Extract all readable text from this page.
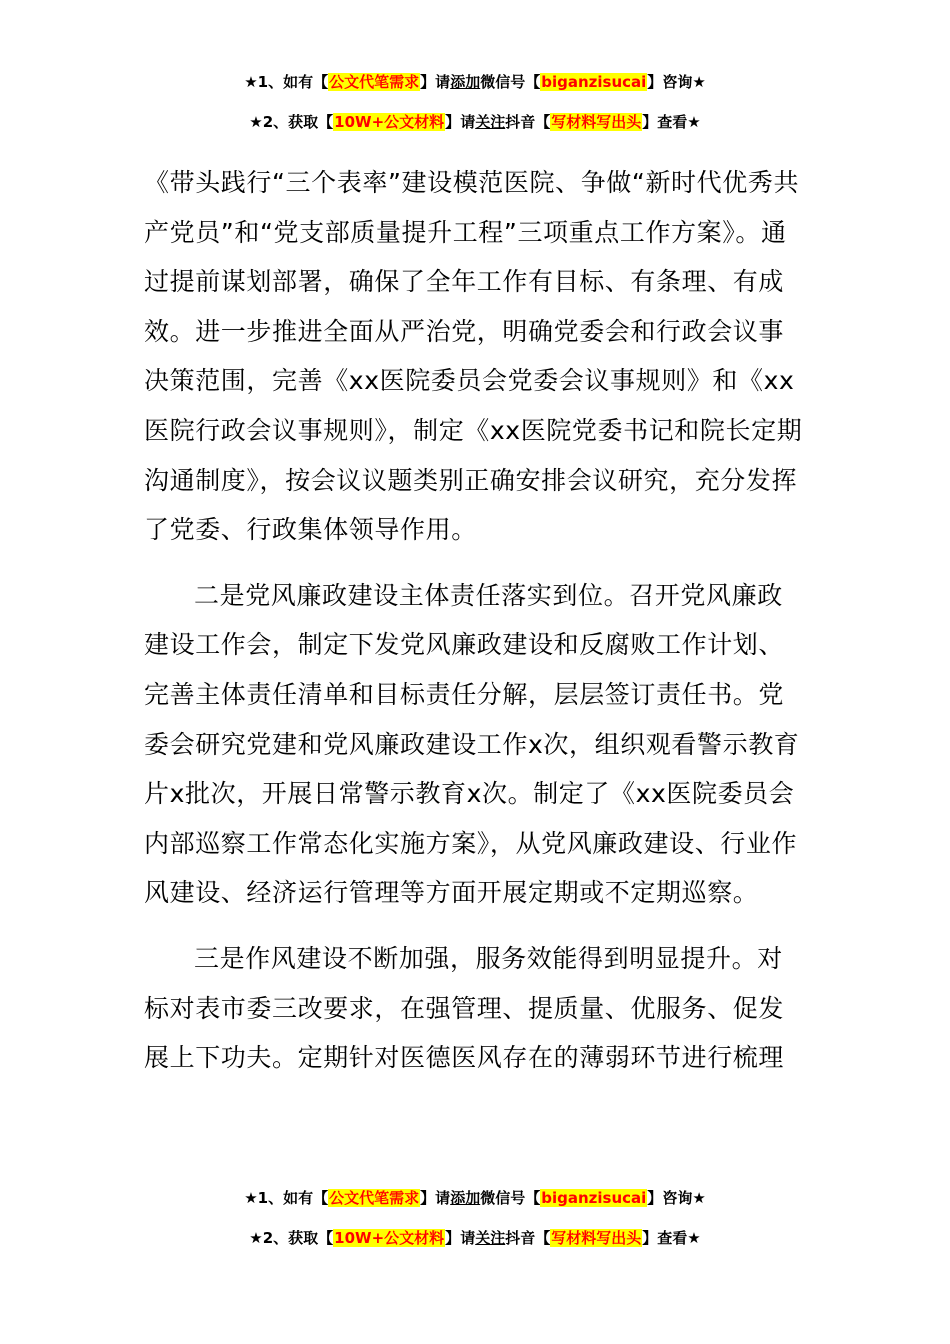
★1、如有【公文代笔需求】请添加微信号【biganzisucai】咨询★
★2、获取【10W+公文材料】请关注抖音【写材料写出头】查看★

《带头践行“三个表率”建设模范医院、争做“新时代优秀共产党员”和“党支部质量提升工程”三项重点工作方案》。通过提前谋划部署，确保了全年工作有目标、有条理、有成效。进一步推进全面从严治党，明确党委会和行政会议事决策范围，完善《xx医院委员会党委会议事规则》和《xx医院行政会议事规则》，制定《xx医院党委书记和院长定期沟通制度》，按会议议题类别正确安排会议研究，充分发挥了党委、行政集体领导作用。

二是党风廉政建设主体责任落实到位。召开党风廉政建设工作会，制定下发党风廉政建设和反腐败工作计划、完善主体责任清单和目标责任分解，层层签订责任书。党委会研究党建和党风廉政建设工作x次，组织观看警示教育片x批次，开展日常警示教育x次。制定了《xx医院委员会内部巡察工作常态化实施方案》，从党风廉政建设、行业作风建设、经济运行管理等方面开展定期或不定期巡察。

三是作风建设不断加强，服务效能得到明显提升。对标对表市委三改要求，在强管理、提质量、优服务、促发展上下功夫。定期针对医德医风存在的薄弱环节进行梳理

★1、如有【公文代笔需求】请添加微信号【biganzisucai】咨询★
★2、获取【10W+公文材料】请关注抖音【写材料写出头】查看★
